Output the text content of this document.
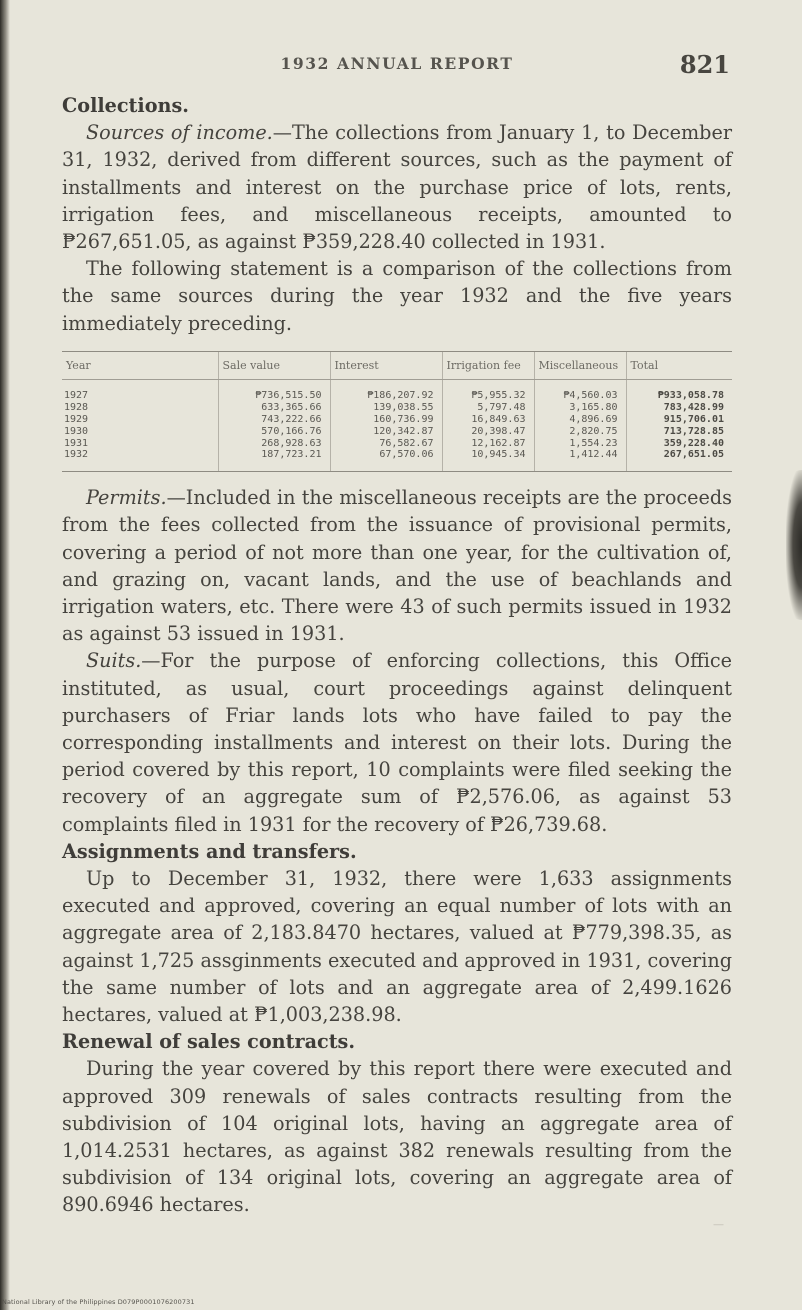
1932 ANNUAL REPORT	821
Collections.

Sources of income.—The collections from January 1, to December 31, 1932, derived from different sources, such as the payment of installments and interest on the purchase price of lots, rents, irrigation fees, and miscellaneous receipts, amounted to ₱267,651.05, as against ₱359,228.40 collected in 1931.

The following statement is a comparison of the collections from the same sources during the year 1932 and the five years immediately preceding.

Year	Sale value	Interest	Irrigation fee	Miscellaneous	Total
1927	₱736,515.50	₱186,207.92	₱5,955.32	₱4,560.03	₱933,058.78
1928	633,365.66	139,038.55	5,797.48	3,165.80	783,428.99
1929	743,222.66	160,736.99	16,849.63	4,896.69	915,706.01
1930	570,166.76	120,342.87	20,398.47	2,820.75	713,728.85
1931	268,928.63	76,582.67	12,162.87	1,554.23	359,228.40
1932	187,723.21	67,570.06	10,945.34	1,412.44	267,651.05

Permits.—Included in the miscellaneous receipts are the proceeds from the fees collected from the issuance of provisional permits, covering a period of not more than one year, for the cultivation of, and grazing on, vacant lands, and the use of beachlands and irrigation waters, etc. There were 43 of such permits issued in 1932 as against 53 issued in 1931.

Suits.—For the purpose of enforcing collections, this Office instituted, as usual, court proceedings against delinquent purchasers of Friar lands lots who have failed to pay the corresponding installments and interest on their lots. During the period covered by this report, 10 complaints were filed seeking the recovery of an aggregate sum of ₱2,576.06, as against 53 complaints filed in 1931 for the recovery of ₱26,739.68.

Assignments and transfers.

Up to December 31, 1932, there were 1,633 assignments executed and approved, covering an equal number of lots with an aggregate area of 2,183.8470 hectares, valued at ₱779,398.35, as against 1,725 assginments executed and approved in 1931, covering the same number of lots and an aggregate area of 2,499.1626 hectares, valued at ₱1,003,238.98.

Renewal of sales contracts.

During the year covered by this report there were executed and approved 309 renewals of sales contracts resulting from the subdivision of 104 original lots, having an aggregate area of 1,014.2531 hectares, as against 382 renewals resulting from the subdivision of 134 original lots, covering an aggregate area of 890.6946 hectares.

—
National Library of the Philippines D079P0001076200731
